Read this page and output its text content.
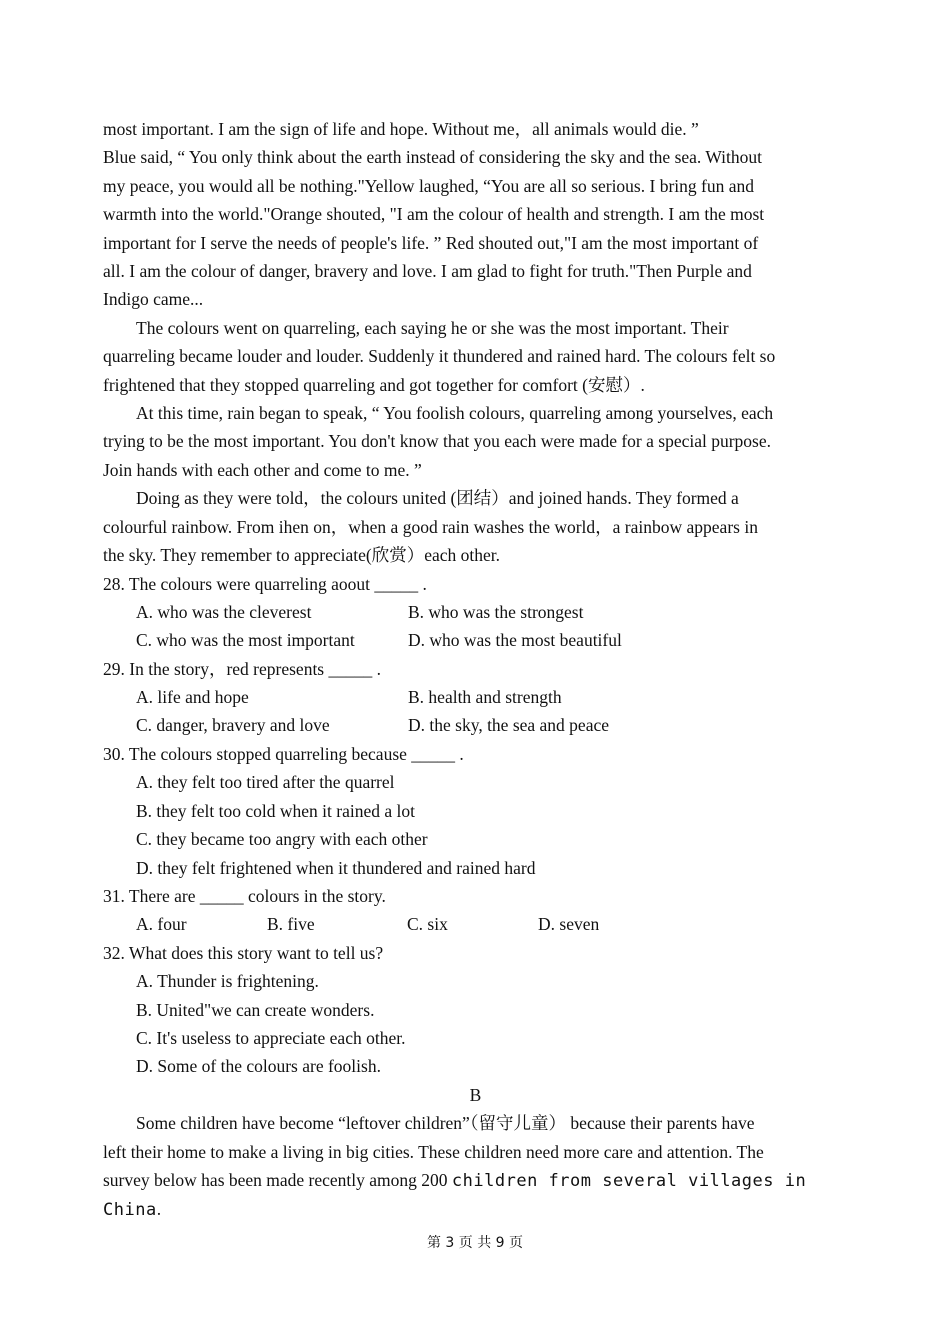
most important. I am the sign of life and hope. Without me，all animals would die. ”
Blue said, “ You only think about the earth instead of considering the sky and the sea. Without
my peace, you would all be nothing."Yellow laughed, “You are all so serious. I bring fun and
warmth into the world."Orange shouted, "I am the colour of health and strength. I am the most
important for I serve the needs of people's life. ” Red shouted out,"I am the most important of
all. I am the colour of danger, bravery and love. I am glad to fight for truth."Then Purple and
Indigo came...
The colours went on quarreling, each saying he or she was the most important. Their
quarreling became louder and louder. Suddenly it thundered and rained hard. The colours felt so
frightened that they stopped quarreling and got together for comfort (安慰）.
At this time, rain began to speak, “ You foolish colours, quarreling among yourselves, each
trying to be the most important. You don't know that you each were made for a special purpose.
Join hands with each other and come to me. ”
Doing as they were told，the colours united (团结）and joined hands. They formed a
colourful rainbow. From ihen on，when a good rain washes the world，a rainbow appears in
the sky. They remember to appreciate(欣赏）each other.
28. The colours were quarreling aoout _____ .
A. who was the cleverest	B. who was the strongest
C. who was the most important	D. who was the most beautiful
29. In the story，red represents _____ .
A. life and hope	B. health and strength
C. danger, bravery and love	D. the sky, the sea and peace
30. The colours stopped quarreling because _____ .
A. they felt too tired after the quarrel
B. they felt too cold when it rained a lot
C. they became too angry with each other
D. they felt frightened when it thundered and rained hard
31. There are _____ colours in the story.
A. four	B. five	C. six	D. seven
32. What does this story want to tell us?
A. Thunder is frightening.
B. United"we can create wonders.
C. It's useless to appreciate each other.
D. Some of the colours are foolish.
B
Some children have become “leftover children”（留守儿童） because their parents have
left their home to make a living in big cities. These children need more care and attention. The
survey below has been made recently among 200 children from several villages in
China.
第 3 页 共 9 页
